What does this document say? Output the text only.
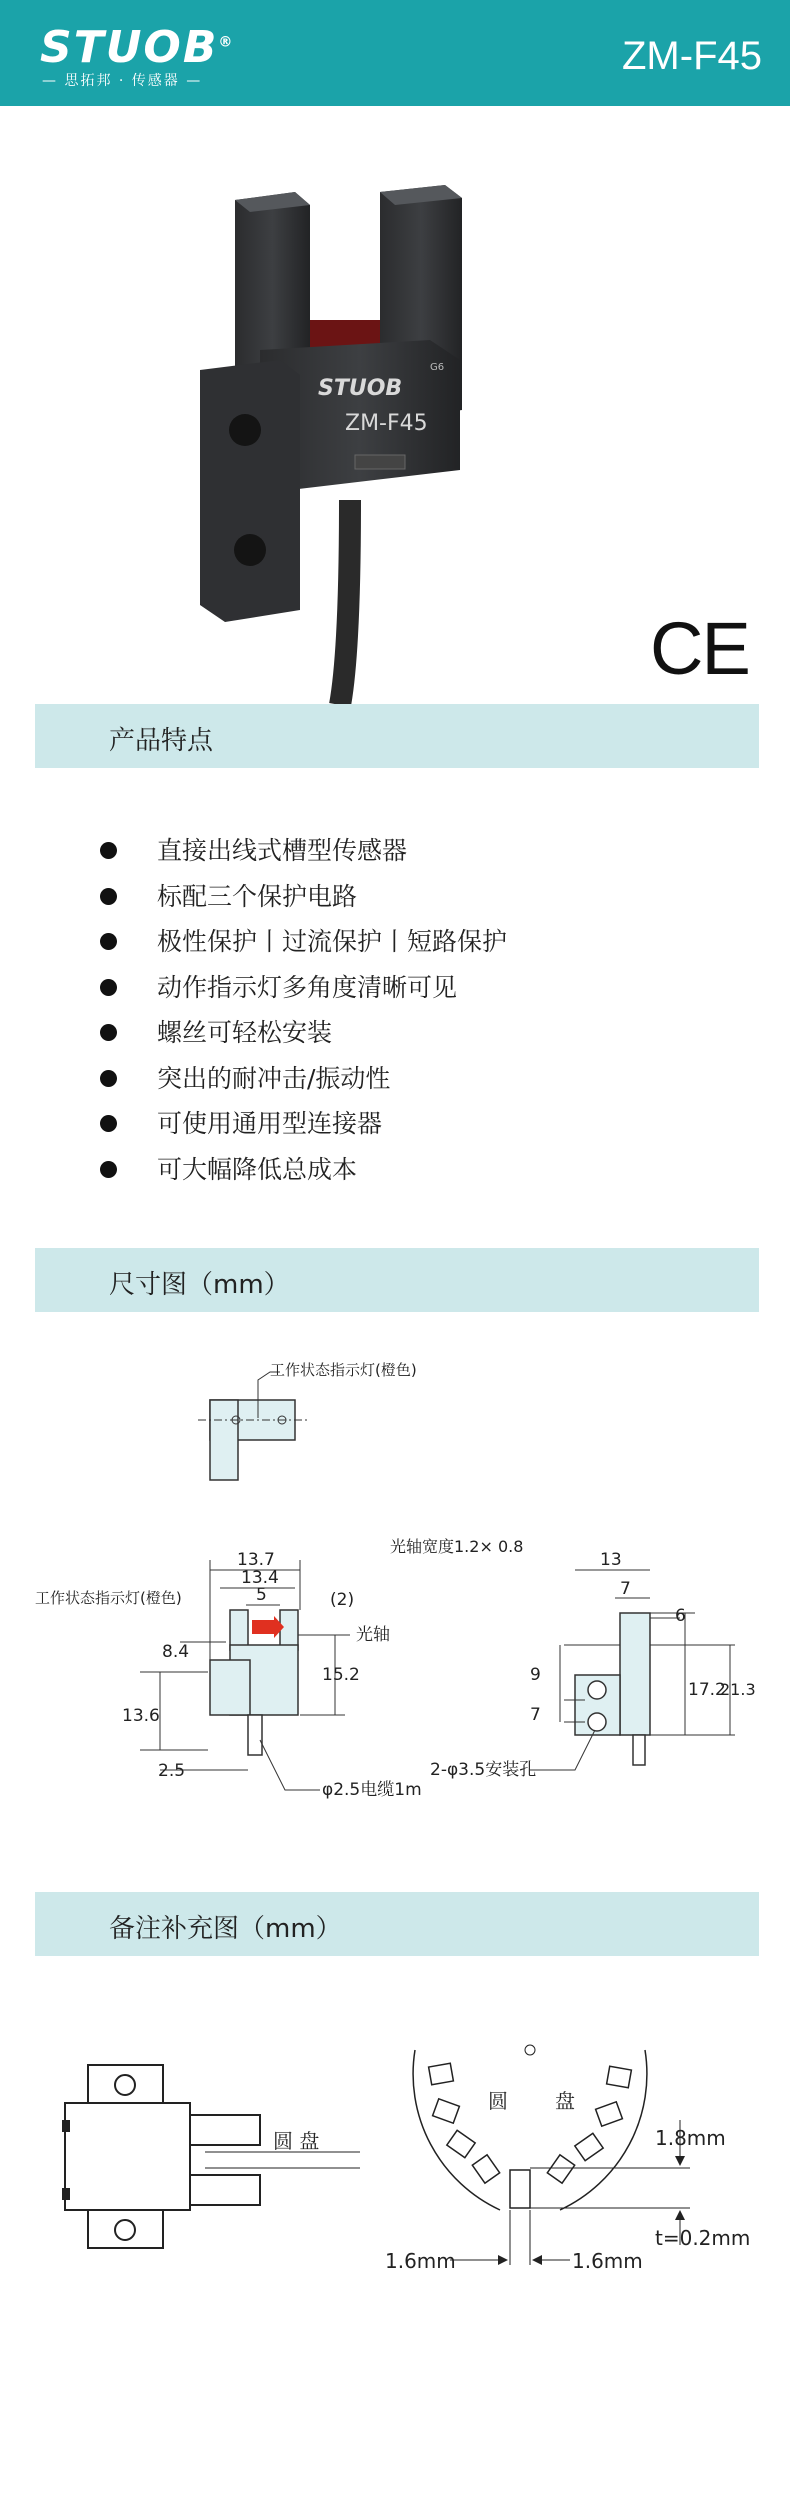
STUOB®
— 思拓邦 · 传感器 —
ZM-F45
STUOB
G6
ZM-F45
CE
产品特点
直接出线式槽型传感器
标配三个保护电路
极性保护丨过流保护丨短路保护
动作指示灯多角度清晰可见
螺丝可轻松安装
突出的耐冲击/振动性
可使用通用型连接器
可大幅降低总成本
尺寸图（mm）
工作状态指示灯(橙色)
13.7
13.4
5	(2)
光轴
工作状态指示灯(橙色)
8.4
13.6
15.2
2.5
φ2.5电缆1m
13
7
6
光轴宽度1.2× 0.8
9
7
17.2
21.3
2-φ3.5安装孔
备注补充图（mm）
圆 盘
圆 盘
1.8mm
1.6mm	1.6mm
t=0.2mm
